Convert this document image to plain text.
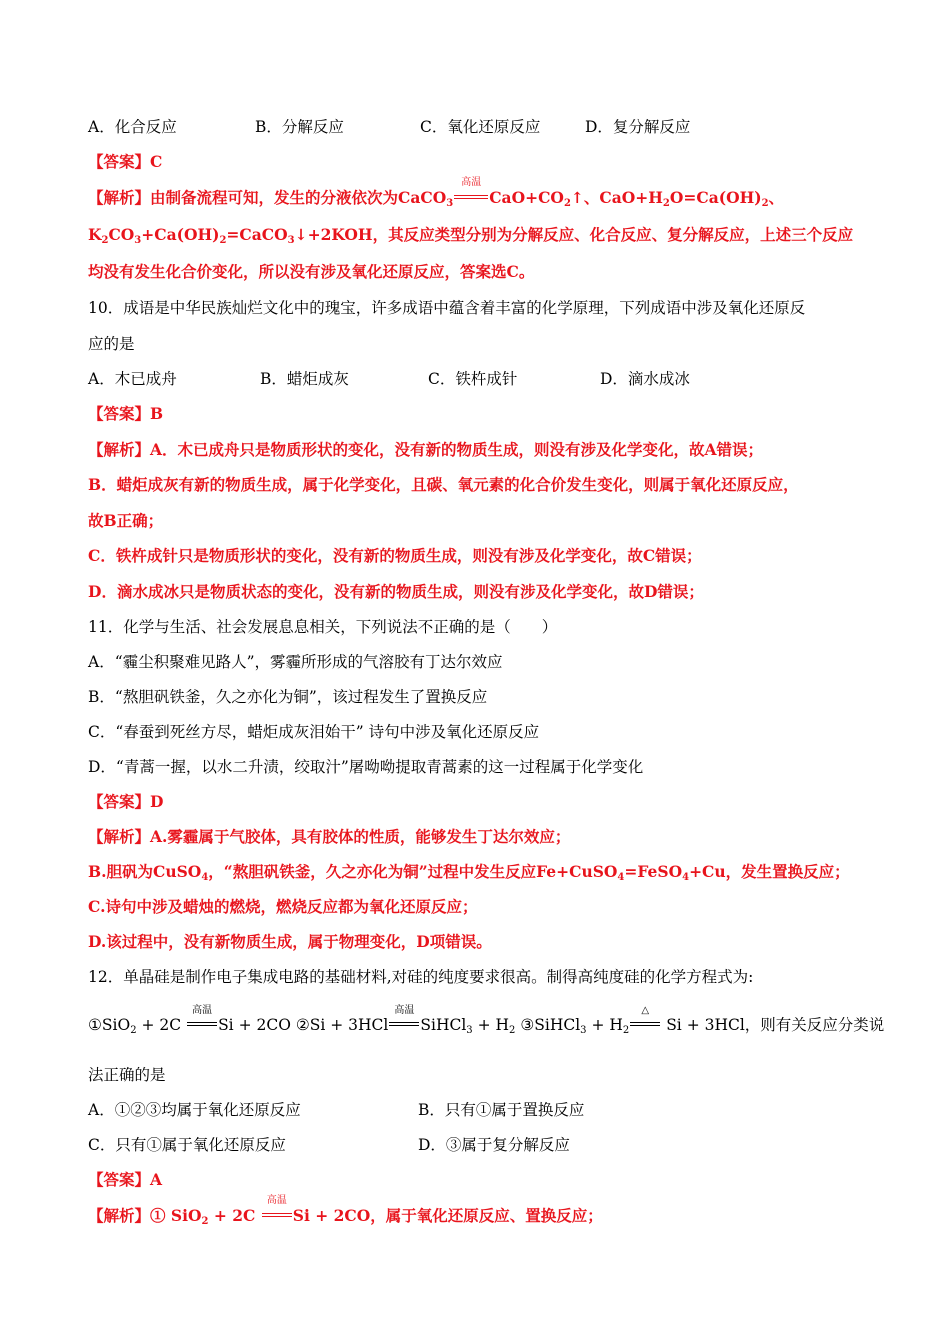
A．化合反应	B．分解反应	C．氧化还原反应	D．复分解反应
【答案】C
【解析】由制备流程可知，发生的分液依次为CaCO$_3$
高温
$CaO+CO_2↑$、$CaO+H_2O=Ca(OH)_2$、
$K_2CO_3+Ca(OH)_2=CaCO_3↓+2KOH$，其反应类型分别为分解反应、化合反应、复分解反应，上述三个反应
均没有发生化合价变化，所以没有涉及氧化还原反应，答案选C。
10．成语是中华民族灿烂文化中的瑰宝，许多成语中蕴含着丰富的化学原理，下列成语中涉及氧化还原反
应的是
A．木已成舟	B．蜡炬成灰	C．铁杵成针	D．滴水成冰
【答案】B
【解析】A．木已成舟只是物质形状的变化，没有新的物质生成，则没有涉及化学变化，故A错误；
B．蜡炬成灰有新的物质生成，属于化学变化，且碳、氧元素的化合价发生变化，则属于氧化还原反应，
故B正确；
C．铁杵成针只是物质形状的变化，没有新的物质生成，则没有涉及化学变化，故C错误；
D．滴水成冰只是物质状态的变化，没有新的物质生成，则没有涉及化学变化，故D错误；
11．化学与生活、社会发展息息相关，下列说法不正确的是（　　）
A．“霾尘积聚难见路人”，雾霾所形成的气溶胶有丁达尔效应
B．“熬胆矾铁釜，久之亦化为铜”，该过程发生了置换反应
C．“春蚕到死丝方尽，蜡炬成灰泪始干” 诗句中涉及氧化还原反应
D．“青蒿一握，以水二升渍，绞取汁”屠呦呦提取青蒿素的这一过程属于化学变化
【答案】D
【解析】A.雾霾属于气胶体，具有胶体的性质，能够发生丁达尔效应；
B.胆矾为CuSO$_4$，“熬胆矾铁釜，久之亦化为铜”过程中发生反应Fe+CuSO$_4$=FeSO$_4$+Cu，发生置换反应；
C.诗句中涉及蜡烛的燃烧，燃烧反应都为氧化还原反应；
D.该过程中，没有新物质生成，属于物理变化，D项错误。
12．单晶硅是制作电子集成电路的基础材料,对硅的纯度要求很高。制得高纯度硅的化学方程式为:
①SiO$_2$ + 2C
高温
Si + 2CO ②Si + 3HCl
高温
SiHCl$_3$ + $H_2$ ③SiHCl$_3$ + $H_2$
△
Si + 3HCl，则有关反应分类说
法正确的是
A．①②③均属于氧化还原反应	B．只有①属于置换反应
C．只有①属于氧化还原反应	D．③属于复分解反应
【答案】A
【解析】① SiO$_2$ + 2C
高温
Si + 2CO，属于氧化还原反应、置换反应；
